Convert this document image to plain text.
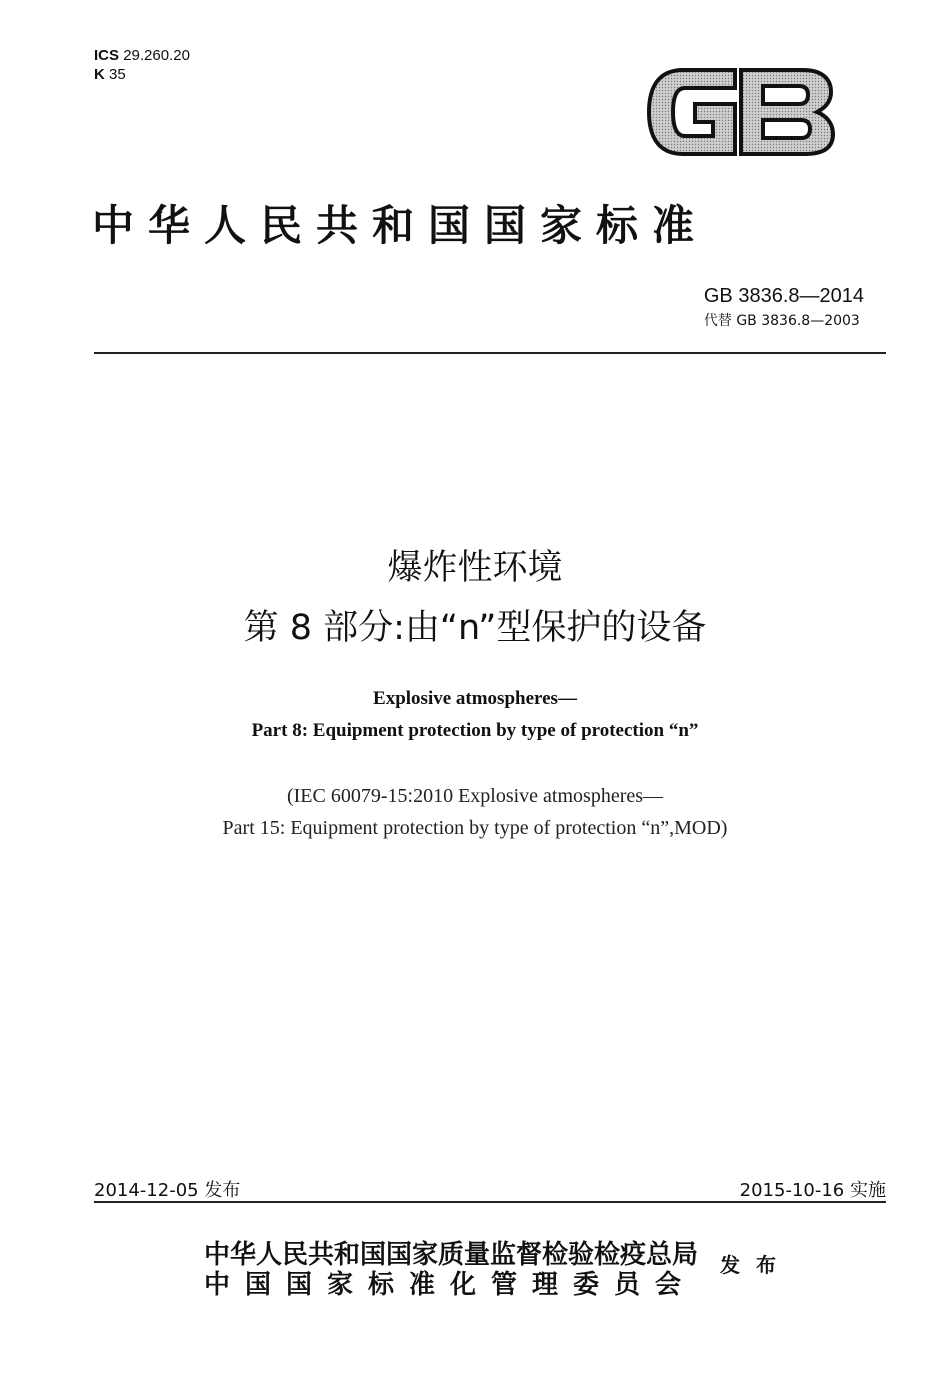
ICS 29.260.20
K 35
中华人民共和国国家标准
GB 3836.8—2014
代替 GB 3836.8—2003
爆炸性环境
第 8 部分:由“n”型保护的设备
Explosive atmospheres—
Part 8: Equipment protection by type of protection “n”
(IEC 60079-15:2010 Explosive atmospheres—
Part 15: Equipment protection by type of protection “n”,MOD)
2014-12-05 发布	2015-10-16 实施
中华人民共和国国家质量监督检验检疫总局
中国国家标准化管理委员会
发布
